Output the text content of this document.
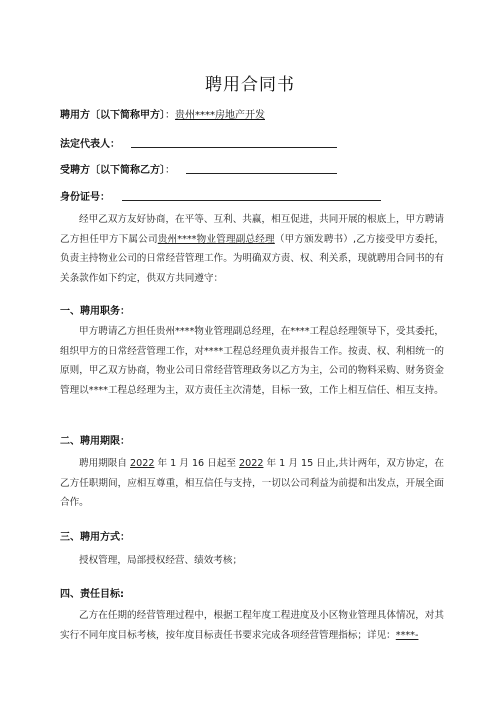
聘用合同书
聘用方〔以下简称甲方〕：贵州****房地产开发
法定代表人：
受聘方〔以下简称乙方〕：
身份证号：

经甲乙双方友好协商，在平等、互利、共赢，相互促进，共同开展的根底上，甲方聘请乙方担任甲方下属公司贵州****物业管理副总经理（甲方颁发聘书）,乙方接受甲方委托，负责主持物业公司的日常经营管理工作。为明确双方责、权、利关系，现就聘用合同书的有关条款作如下约定，供双方共同遵守：

一、聘用职务：

甲方聘请乙方担任贵州****物业管理副总经理，在****工程总经理领导下，受其委托，组织甲方的日常经营管理工作，对****工程总经理负责并报告工作。按责、权、利相统一的原则，甲乙双方协商，物业公司日常经营管理政务以乙方为主，公司的物料采购、财务资金管理以****工程总经理为主，双方责任主次清楚，目标一致，工作上相互信任、相互支持。

二、聘用期限：

聘用期限自 2022 年 1 月 16 日起至 2022 年 1 月 15 日止,共计两年，双方协定，在乙方任职期间，应相互尊重，相互信任与支持，一切以公司利益为前提和出发点，开展全面合作。

三、聘用方式：
授权管理，局部授权经营、绩效考核；
四、责任目标:

乙方在任期的经营管理过程中，根据工程年度工程进度及小区物业管理具体情况，对其实行不同年度目标考核，按年度目标责任书要求完成各项经营管理指标；详见：****-
